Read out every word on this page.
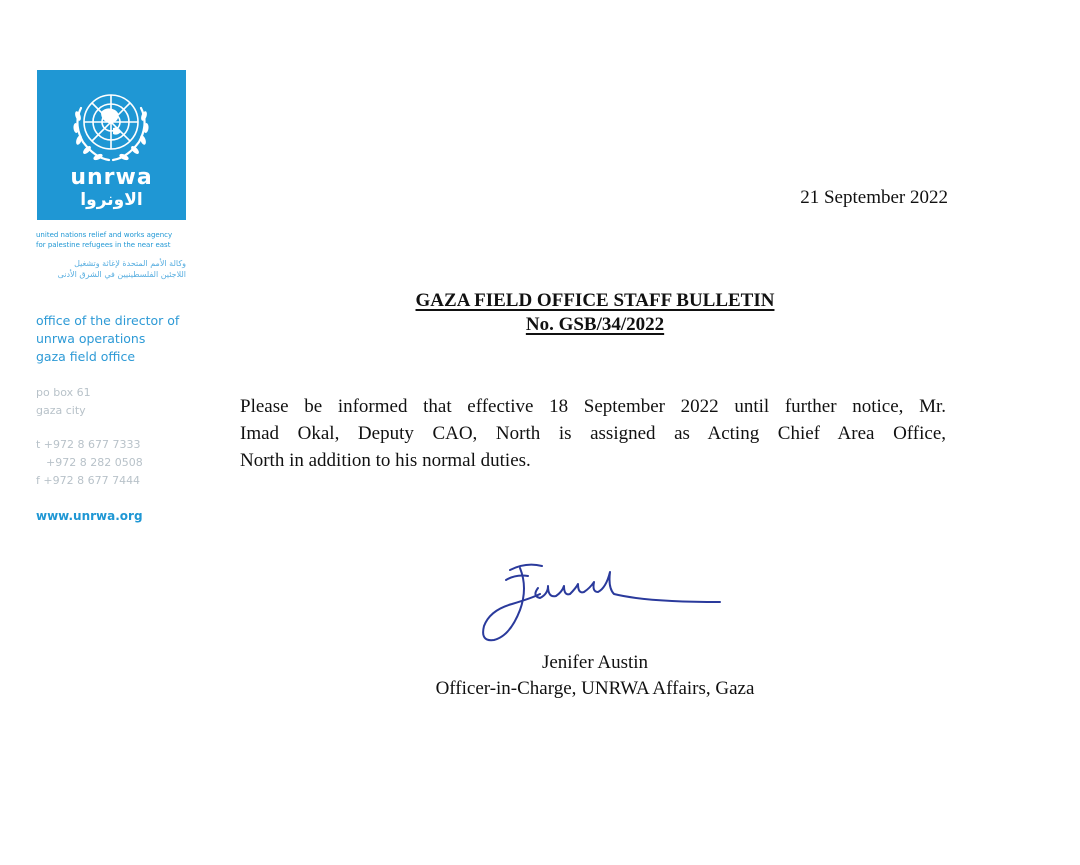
unrwa
الاونروا
united nations relief and works agency
for palestine refugees in the near east
وكالة الأمم المتحدة لإغاثة وتشغيل
اللاجئين الفلسطينيين في الشرق الأدنى
office of the director of
unrwa operations
gaza field office
po box 61
gaza city
t +972 8 677 7333
+972 8 282 0508
f +972 8 677 7444
www.unrwa.org
21 September 2022
GAZA FIELD OFFICE STAFF BULLETIN
No. GSB/34/2022
Please be informed that effective 18 September 2022 until further notice, Mr.
Imad Okal, Deputy CAO, North is assigned as Acting Chief Area Office,
North in addition to his normal duties.
Jenifer Austin
Officer-in-Charge, UNRWA Affairs, Gaza
